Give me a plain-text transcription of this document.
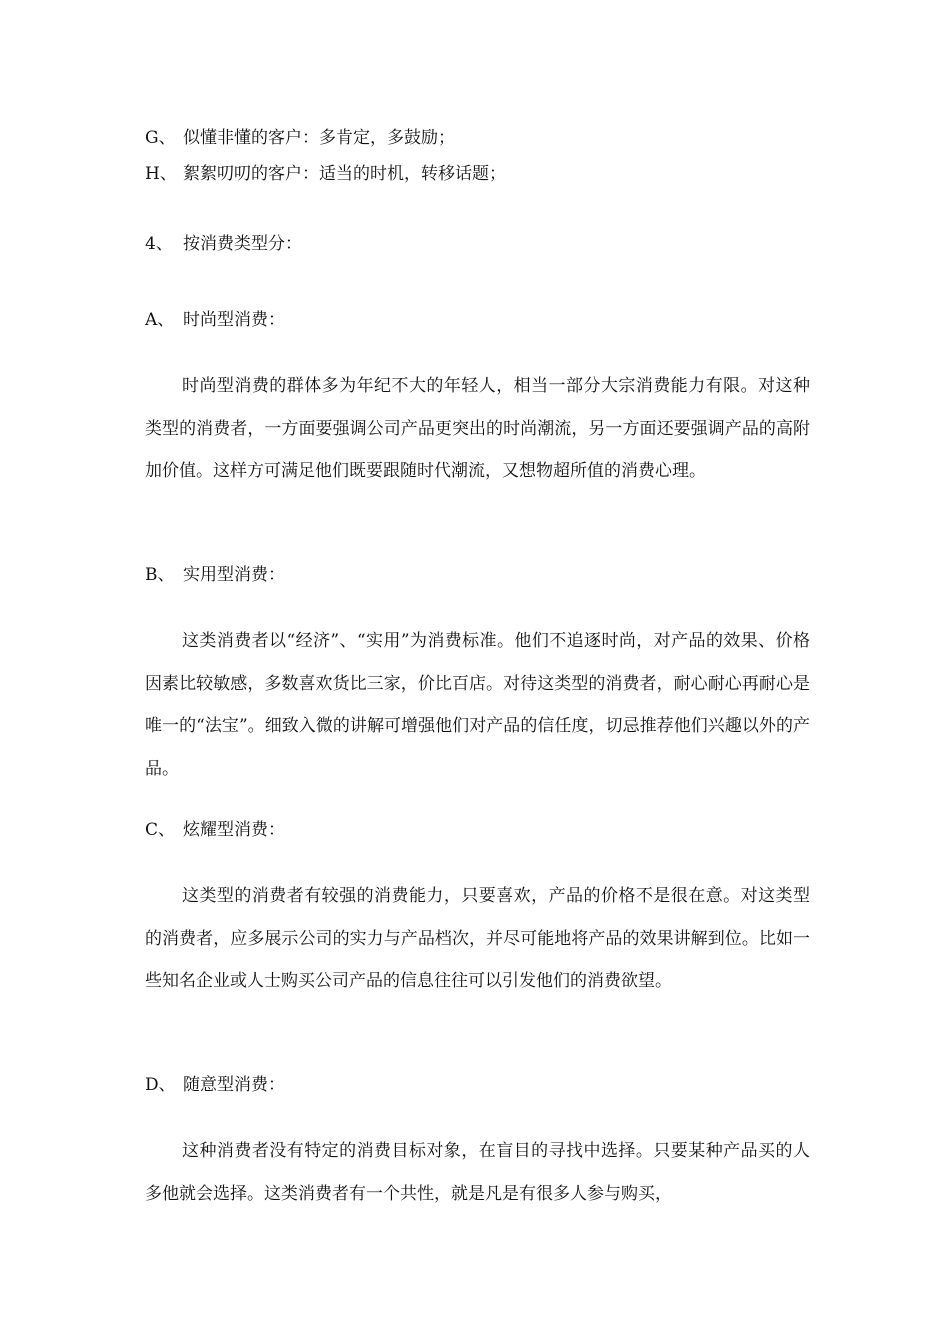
G、 似懂非懂的客户：多肯定，多鼓励；
H、 絮絮叨叨的客户：适当的时机，转移话题；
4、 按消费类型分：
A、 时尚型消费：

时尚型消费的群体多为年纪不大的年轻人，相当一部分大宗消费能力有限。对这种类型的消费者，一方面要强调公司产品更突出的时尚潮流，另一方面还要强调产品的高附加价值。这样方可满足他们既要跟随时代潮流，又想物超所值的消费心理。

B、 实用型消费：

这类消费者以“经济”、“实用”为消费标准。他们不追逐时尚，对产品的效果、价格因素比较敏感，多数喜欢货比三家，价比百店。对待这类型的消费者，耐心耐心再耐心是唯一的“法宝”。细致入微的讲解可增强他们对产品的信任度，切忌推荐他们兴趣以外的产品。

C、 炫耀型消费：

这类型的消费者有较强的消费能力，只要喜欢，产品的价格不是很在意。对这类型的消费者，应多展示公司的实力与产品档次，并尽可能地将产品的效果讲解到位。比如一些知名企业或人士购买公司产品的信息往往可以引发他们的消费欲望。

D、 随意型消费：

这种消费者没有特定的消费目标对象，在盲目的寻找中选择。只要某种产品买的人多他就会选择。这类消费者有一个共性，就是凡是有很多人参与购买，
